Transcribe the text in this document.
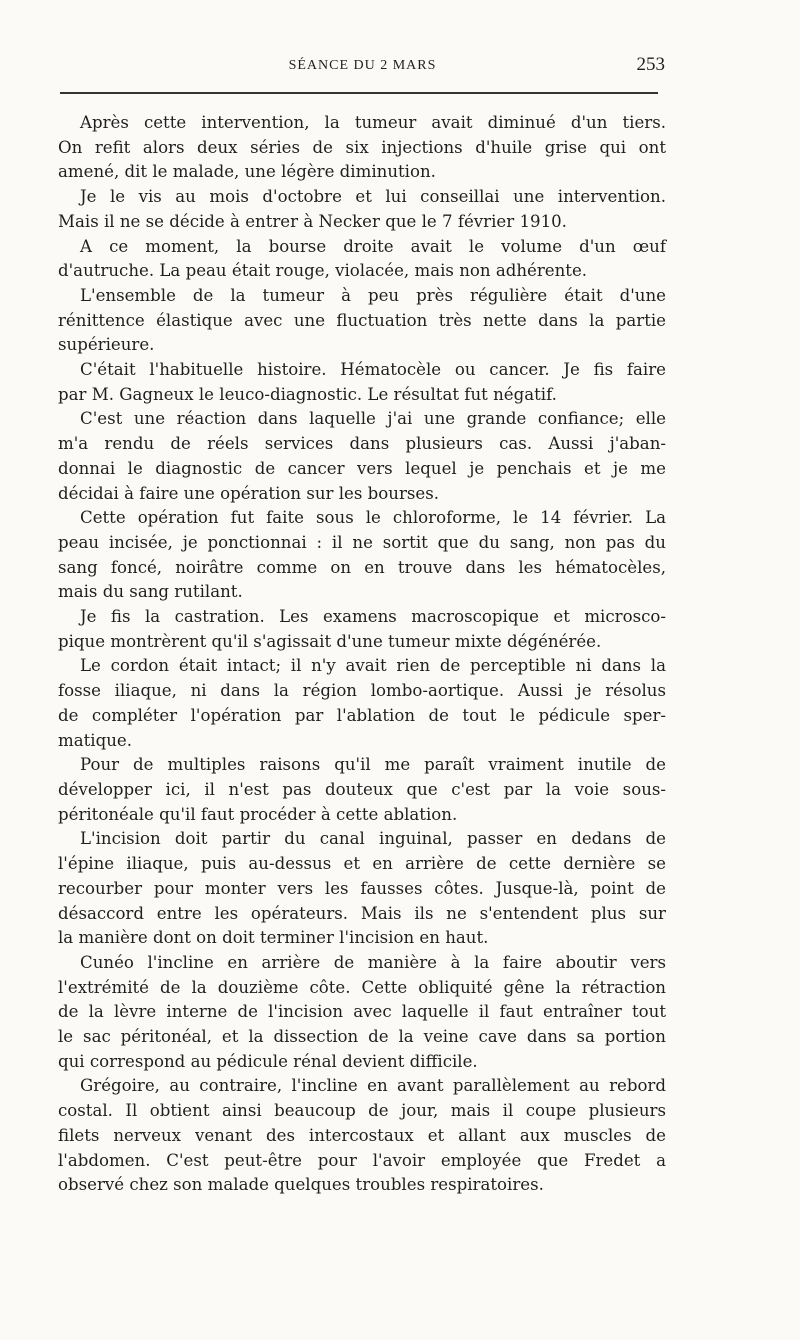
SÉANCE DU 2 MARS	253
Après cette intervention, la tumeur avait diminué d'un tiers.
On refit alors deux séries de six injections d'huile grise qui ont
amené, dit le malade, une légère diminution.
Je le vis au mois d'octobre et lui conseillai une intervention.
Mais il ne se décide à entrer à Necker que le 7 février 1910.
A ce moment, la bourse droite avait le volume d'un œuf
d'autruche. La peau était rouge, violacée, mais non adhérente.
L'ensemble de la tumeur à peu près régulière était d'une
rénittence élastique avec une fluctuation très nette dans la partie
supérieure.
C'était l'habituelle histoire. Hématocèle ou cancer. Je fis faire
par M. Gagneux le leuco-diagnostic. Le résultat fut négatif.
C'est une réaction dans laquelle j'ai une grande confiance; elle
m'a rendu de réels services dans plusieurs cas. Aussi j'aban-
donnai le diagnostic de cancer vers lequel je penchais et je me
décidai à faire une opération sur les bourses.
Cette opération fut faite sous le chloroforme, le 14 février. La
peau incisée, je ponctionnai : il ne sortit que du sang, non pas du
sang foncé, noirâtre comme on en trouve dans les hématocèles,
mais du sang rutilant.
Je fis la castration. Les examens macroscopique et microsco-
pique montrèrent qu'il s'agissait d'une tumeur mixte dégénérée.
Le cordon était intact; il n'y avait rien de perceptible ni dans la
fosse iliaque, ni dans la région lombo-aortique. Aussi je résolus
de compléter l'opération par l'ablation de tout le pédicule sper-
matique.
Pour de multiples raisons qu'il me paraît vraiment inutile de
développer ici, il n'est pas douteux que c'est par la voie sous-
péritonéale qu'il faut procéder à cette ablation.
L'incision doit partir du canal inguinal, passer en dedans de
l'épine iliaque, puis au-dessus et en arrière de cette dernière se
recourber pour monter vers les fausses côtes. Jusque-là, point de
désaccord entre les opérateurs. Mais ils ne s'entendent plus sur
la manière dont on doit terminer l'incision en haut.
Cunéo l'incline en arrière de manière à la faire aboutir vers
l'extrémité de la douzième côte. Cette obliquité gêne la rétraction
de la lèvre interne de l'incision avec laquelle il faut entraîner tout
le sac péritonéal, et la dissection de la veine cave dans sa portion
qui correspond au pédicule rénal devient difficile.
Grégoire, au contraire, l'incline en avant parallèlement au rebord
costal. Il obtient ainsi beaucoup de jour, mais il coupe plusieurs
filets nerveux venant des intercostaux et allant aux muscles de
l'abdomen. C'est peut-être pour l'avoir employée que Fredet a
observé chez son malade quelques troubles respiratoires.
